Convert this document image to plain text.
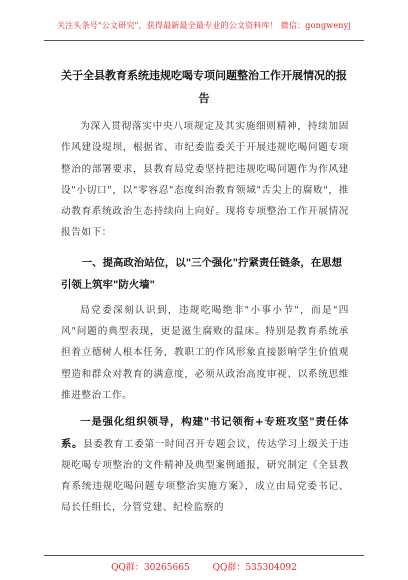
关注头条号"公文研究"，获得最新最全最专业的公文资料库！ 微信：gongwenyj
关于全县教育系统违规吃喝专项问题整治工作开展情况的报告

为深入贯彻落实中央八项规定及其实施细则精神，持续加固作风建设堤坝，根据省、市纪委监委关于开展违规吃喝问题专项整治的部署要求，县教育局党委坚持把违规吃喝问题作为作风建设"小切口"，以"零容忍"态度纠治教育领域"舌尖上的腐败"，推动教育系统政治生态持续向上向好。现将专项整治工作开展情况报告如下：

一、提高政治站位，以"三个强化"拧紧责任链条，在思想引领上筑牢"防火墙"

局党委深刻认识到，违规吃喝绝非"小事小节"，而是"四风"问题的典型表现，更是滋生腐败的温床。特别是教育系统承担着立德树人根本任务，教职工的作风形象直接影响学生价值观塑造和群众对教育的满意度，必须从政治高度审视、以系统思维推进整治工作。

一是强化组织领导，构建"书记领衔+专班攻坚"责任体系。县委教育工委第一时间召开专题会议，传达学习上级关于违规吃喝专项整治的文件精神及典型案例通报，研究制定《全县教育系统违规吃喝问题专项整治实施方案》，成立由局党委书记、局长任组长，分管党建、纪检监察的

QQ群：30265665	QQ群：535304092
